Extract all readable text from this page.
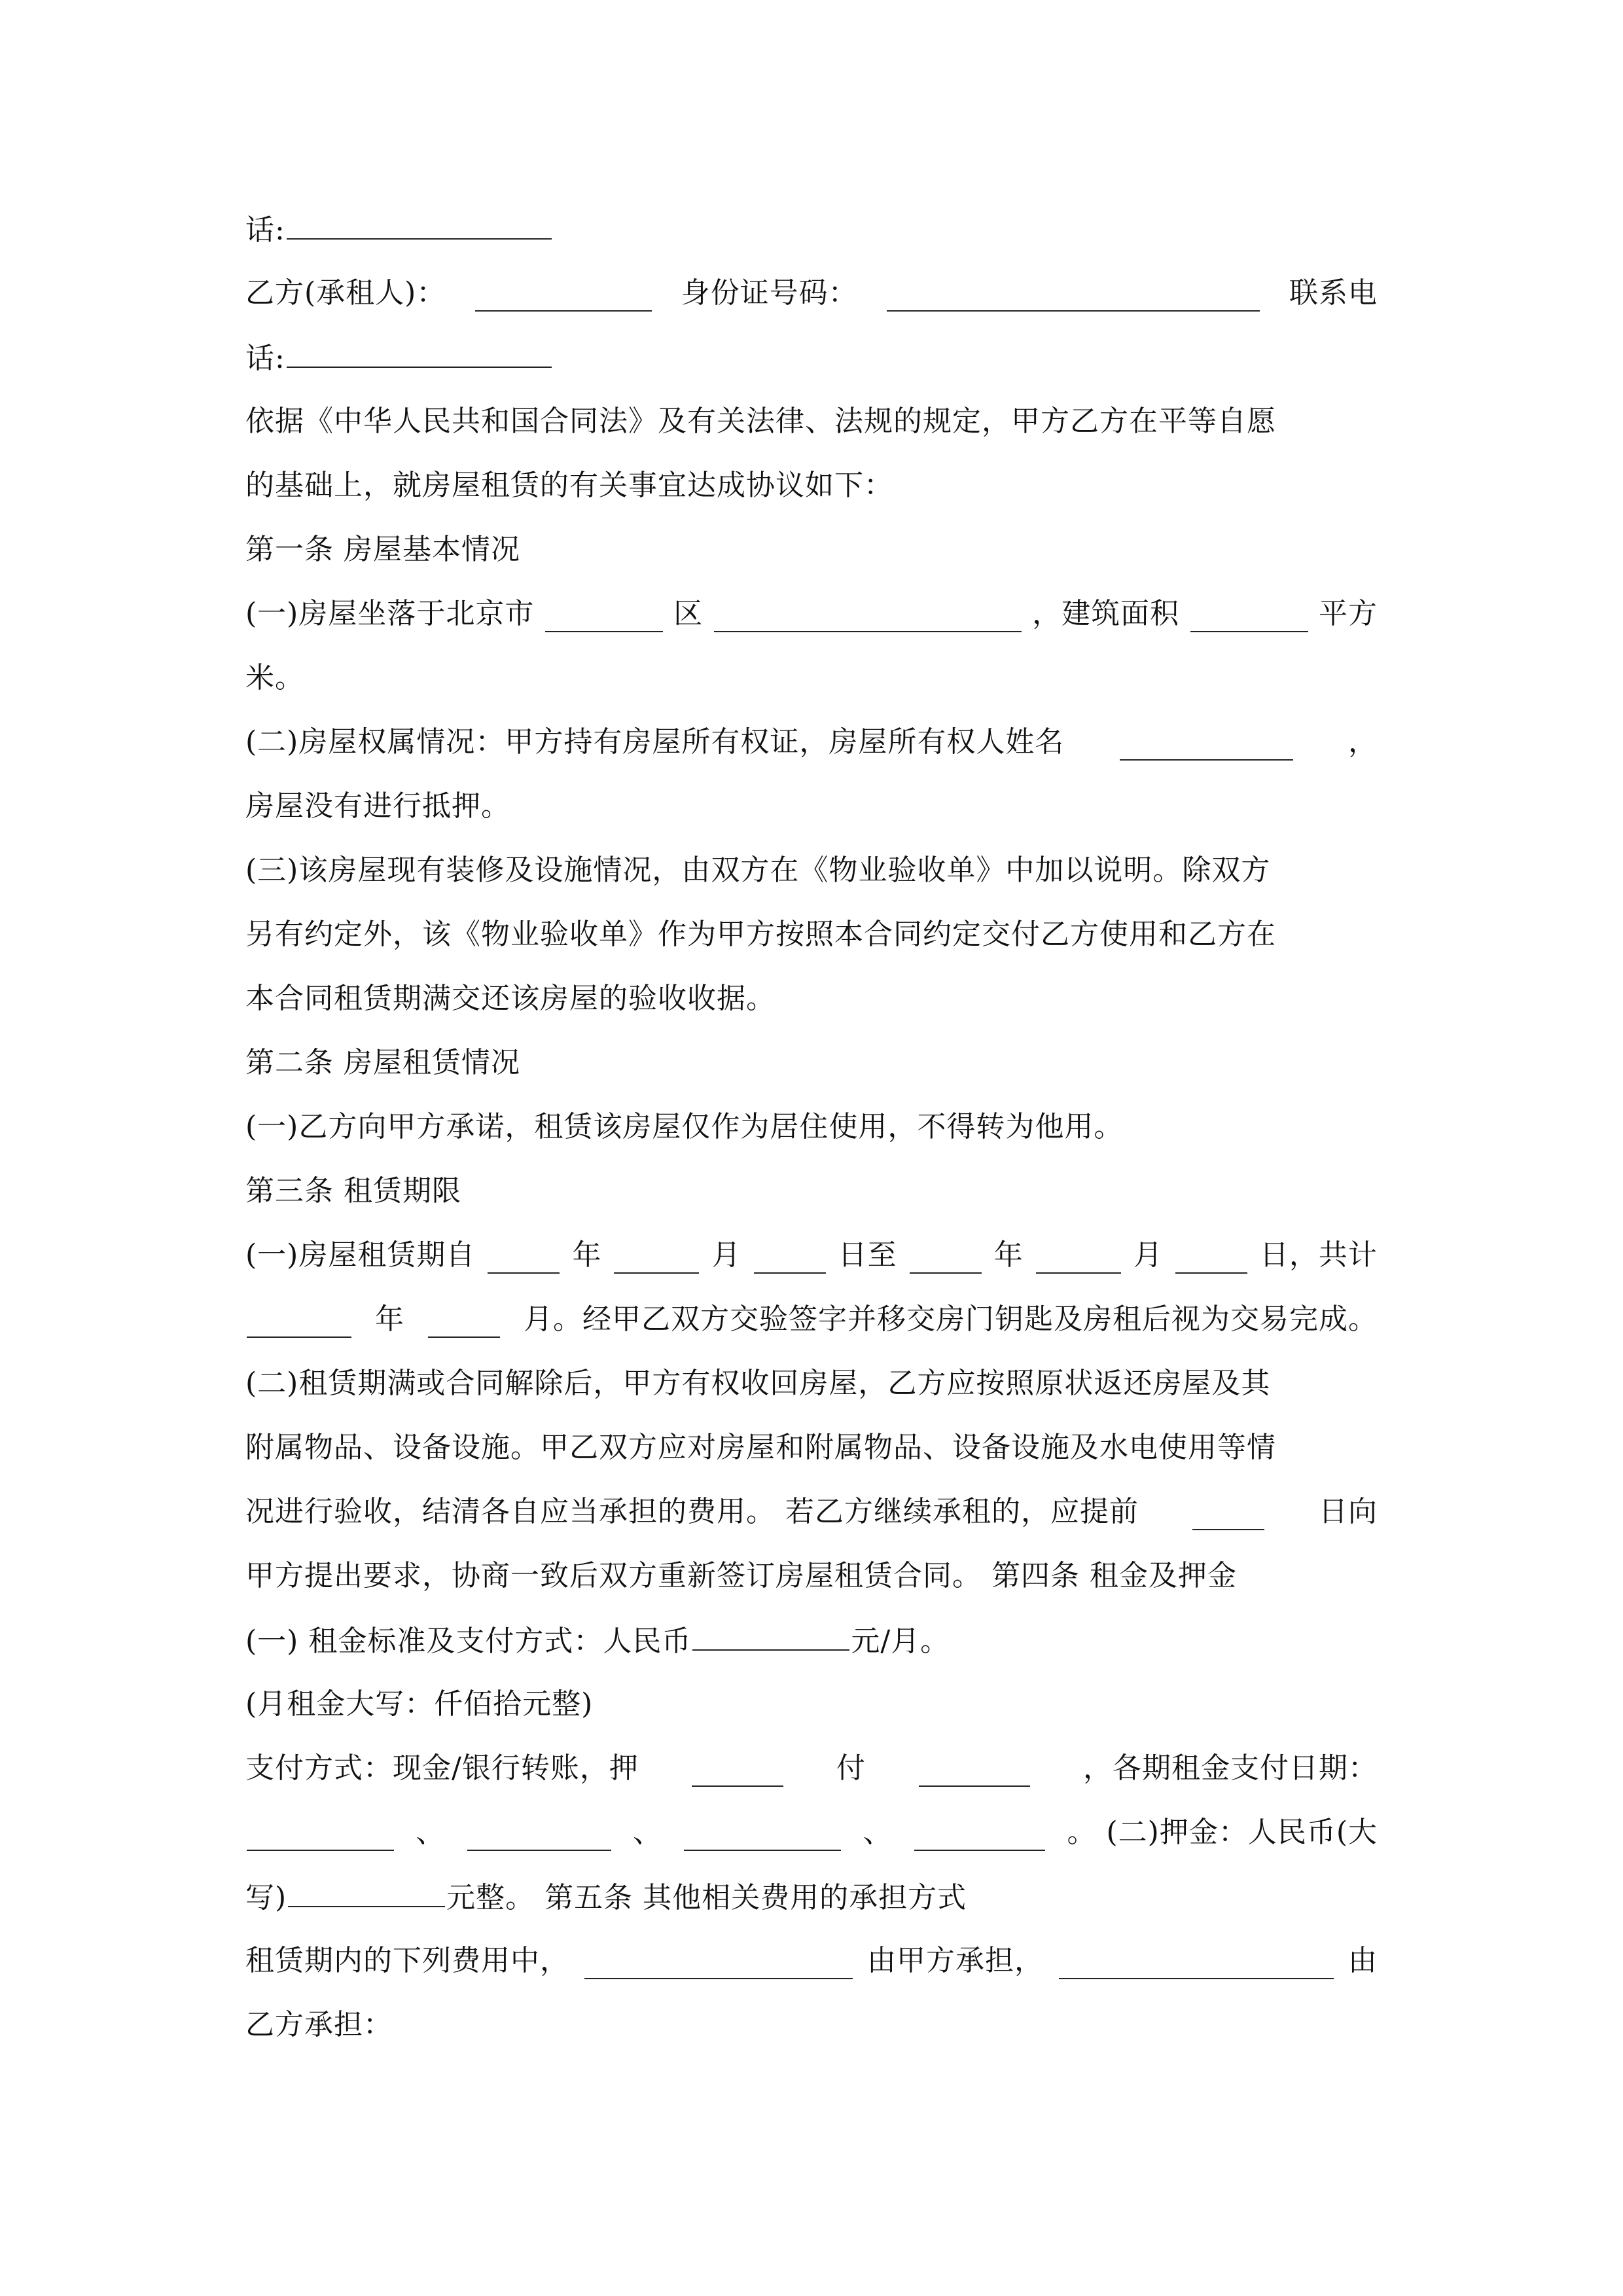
话:
乙方(承租人)：	身份证号码：	联系电
话:
依据《中华人民共和国合同法》及有关法律、法规的规定，甲方乙方在平等自愿
的基础上，就房屋租赁的有关事宜达成协议如下：
第一条 房屋基本情况
(一)房屋坐落于北京市	区	，建筑面积	平方
米。
(二)房屋权属情况：甲方持有房屋所有权证，房屋所有权人姓名	，
房屋没有进行抵押。
(三)该房屋现有装修及设施情况，由双方在《物业验收单》中加以说明。除双方
另有约定外，该《物业验收单》作为甲方按照本合同约定交付乙方使用和乙方在
本合同租赁期满交还该房屋的验收收据。
第二条 房屋租赁情况
(一)乙方向甲方承诺，租赁该房屋仅作为居住使用，不得转为他用。
第三条 租赁期限
(一)房屋租赁期自	年	月	日至	年	月	日，共计
年	月。经甲乙双方交验签字并移交房门钥匙及房租后视为交易完成。
(二)租赁期满或合同解除后，甲方有权收回房屋，乙方应按照原状返还房屋及其
附属物品、设备设施。甲乙双方应对房屋和附属物品、设备设施及水电使用等情
况进行验收，结清各自应当承担的费用。 若乙方继续承租的，应提前	日向
甲方提出要求，协商一致后双方重新签订房屋租赁合同。 第四条 租金及押金
(一) 租金标准及支付方式：人民币	元/月。
(月租金大写：仟佰拾元整)
支付方式：现金/银行转账，押	付	，各期租金支付日期：
、	、	、	。 (二)押金：人民币(大
写)	元整。 第五条 其他相关费用的承担方式
租赁期内的下列费用中，	由甲方承担，	由
乙方承担：
